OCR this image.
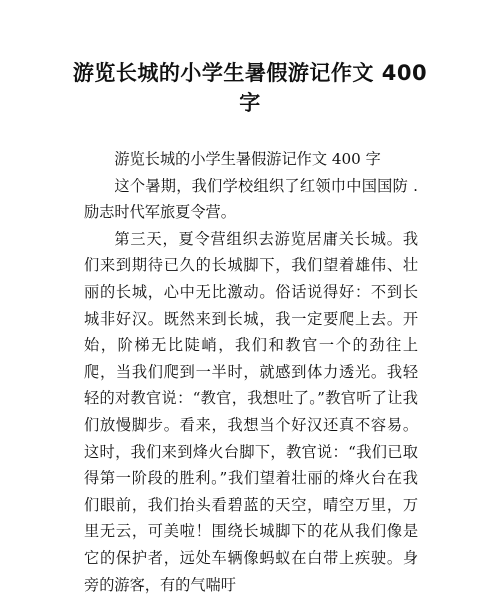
游览长城的小学生暑假游记作文 400 字

游览长城的小学生暑假游记作文 400 字

这个暑期，我们学校组织了红领巾中国国防 . 励志时代军旅夏令营。

第三天，夏令营组织去游览居庸关长城。我们来到期待已久的长城脚下，我们望着雄伟、壮丽的长城，心中无比激动。俗话说得好：不到长城非好汉。既然来到长城，我一定要爬上去。开始，阶梯无比陡峭，我们和教官一个的劲往上爬，当我们爬到一半时，就感到体力透光。我轻轻的对教官说：“教官，我想吐了。”教官听了让我们放慢脚步。看来，我想当个好汉还真不容易。这时，我们来到烽火台脚下，教官说：“我们已取得第一阶段的胜利。”我们望着壮丽的烽火台在我们眼前，我们抬头看碧蓝的天空，晴空万里，万里无云，可美啦！围绕长城脚下的花从我们像是它的保护者，远处车辆像蚂蚁在白带上疾驶。身旁的游客，有的气喘吁
